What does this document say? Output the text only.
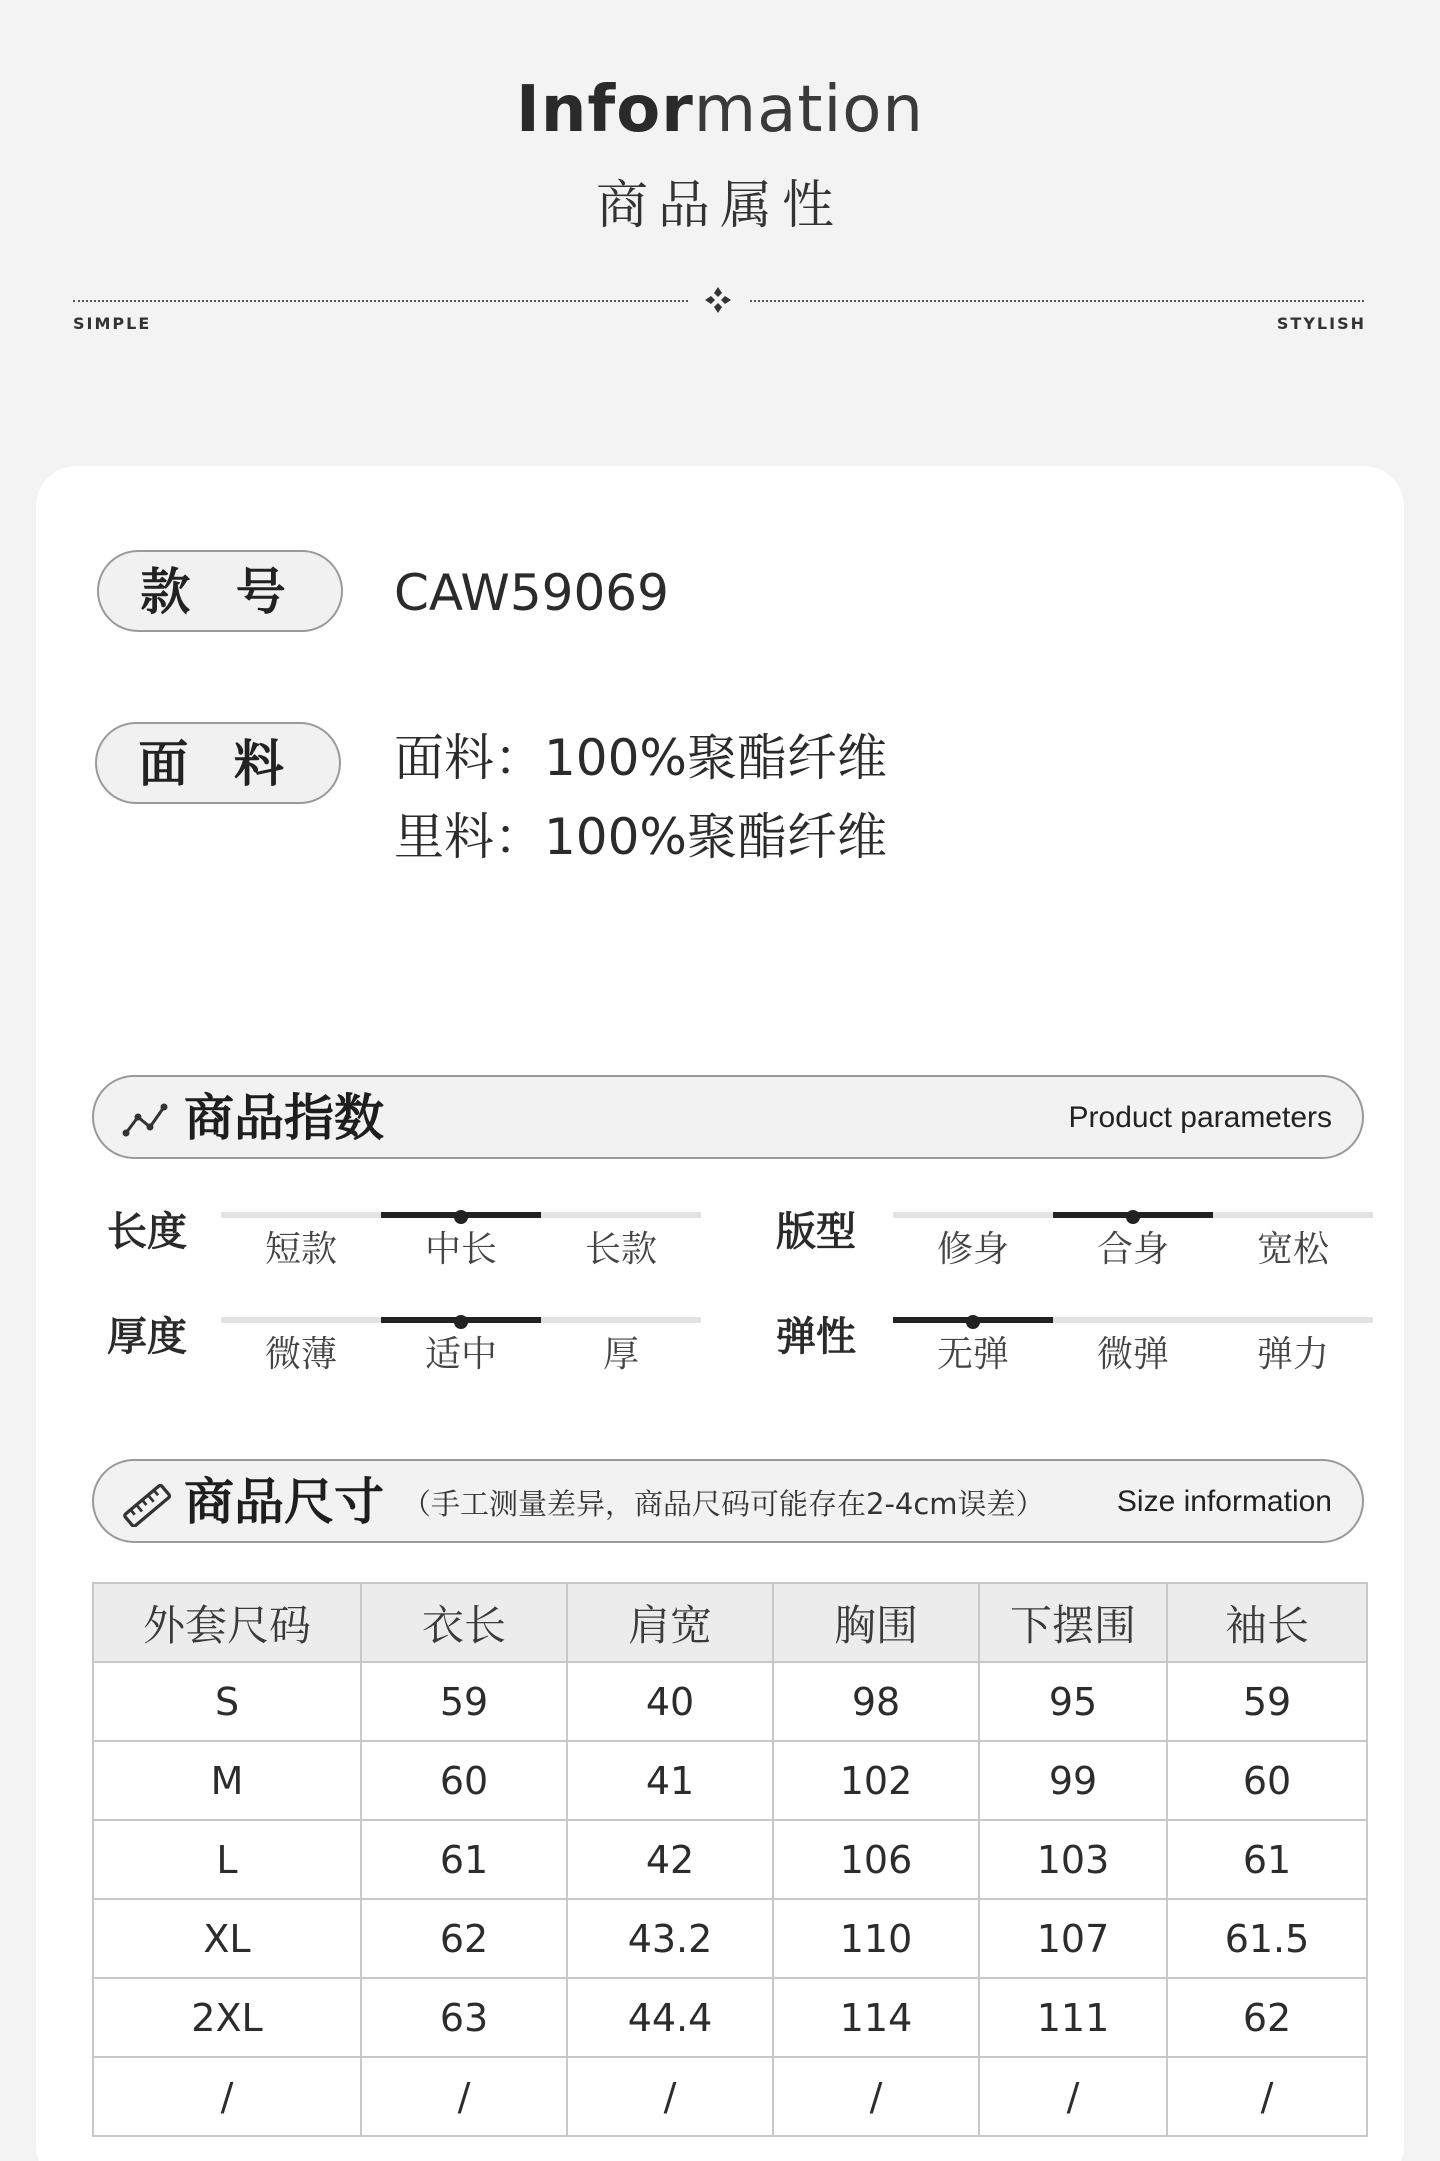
Information
商品属性
SIMPLE	STYLISH
款 号	CAW59069
面 料	面料：100%聚酯纤维
里料：100%聚酯纤维
商品指数	Product parameters
长度	短款	中长	长款	版型	修身	合身	宽松
厚度	微薄	适中	厚	弹性	无弹	微弹	弹力
商品尺寸 （手工测量差异，商品尺码可能存在2-4cm误差） Size information
外套尺码	衣长	肩宽	胸围	下摆围	袖长
S	59	40	98	95	59
M	60	41	102	99	60
L	61	42	106	103	61
XL	62	43.2	110	107	61.5
2XL	63	44.4	114	111	62
/	/	/	/	/	/
